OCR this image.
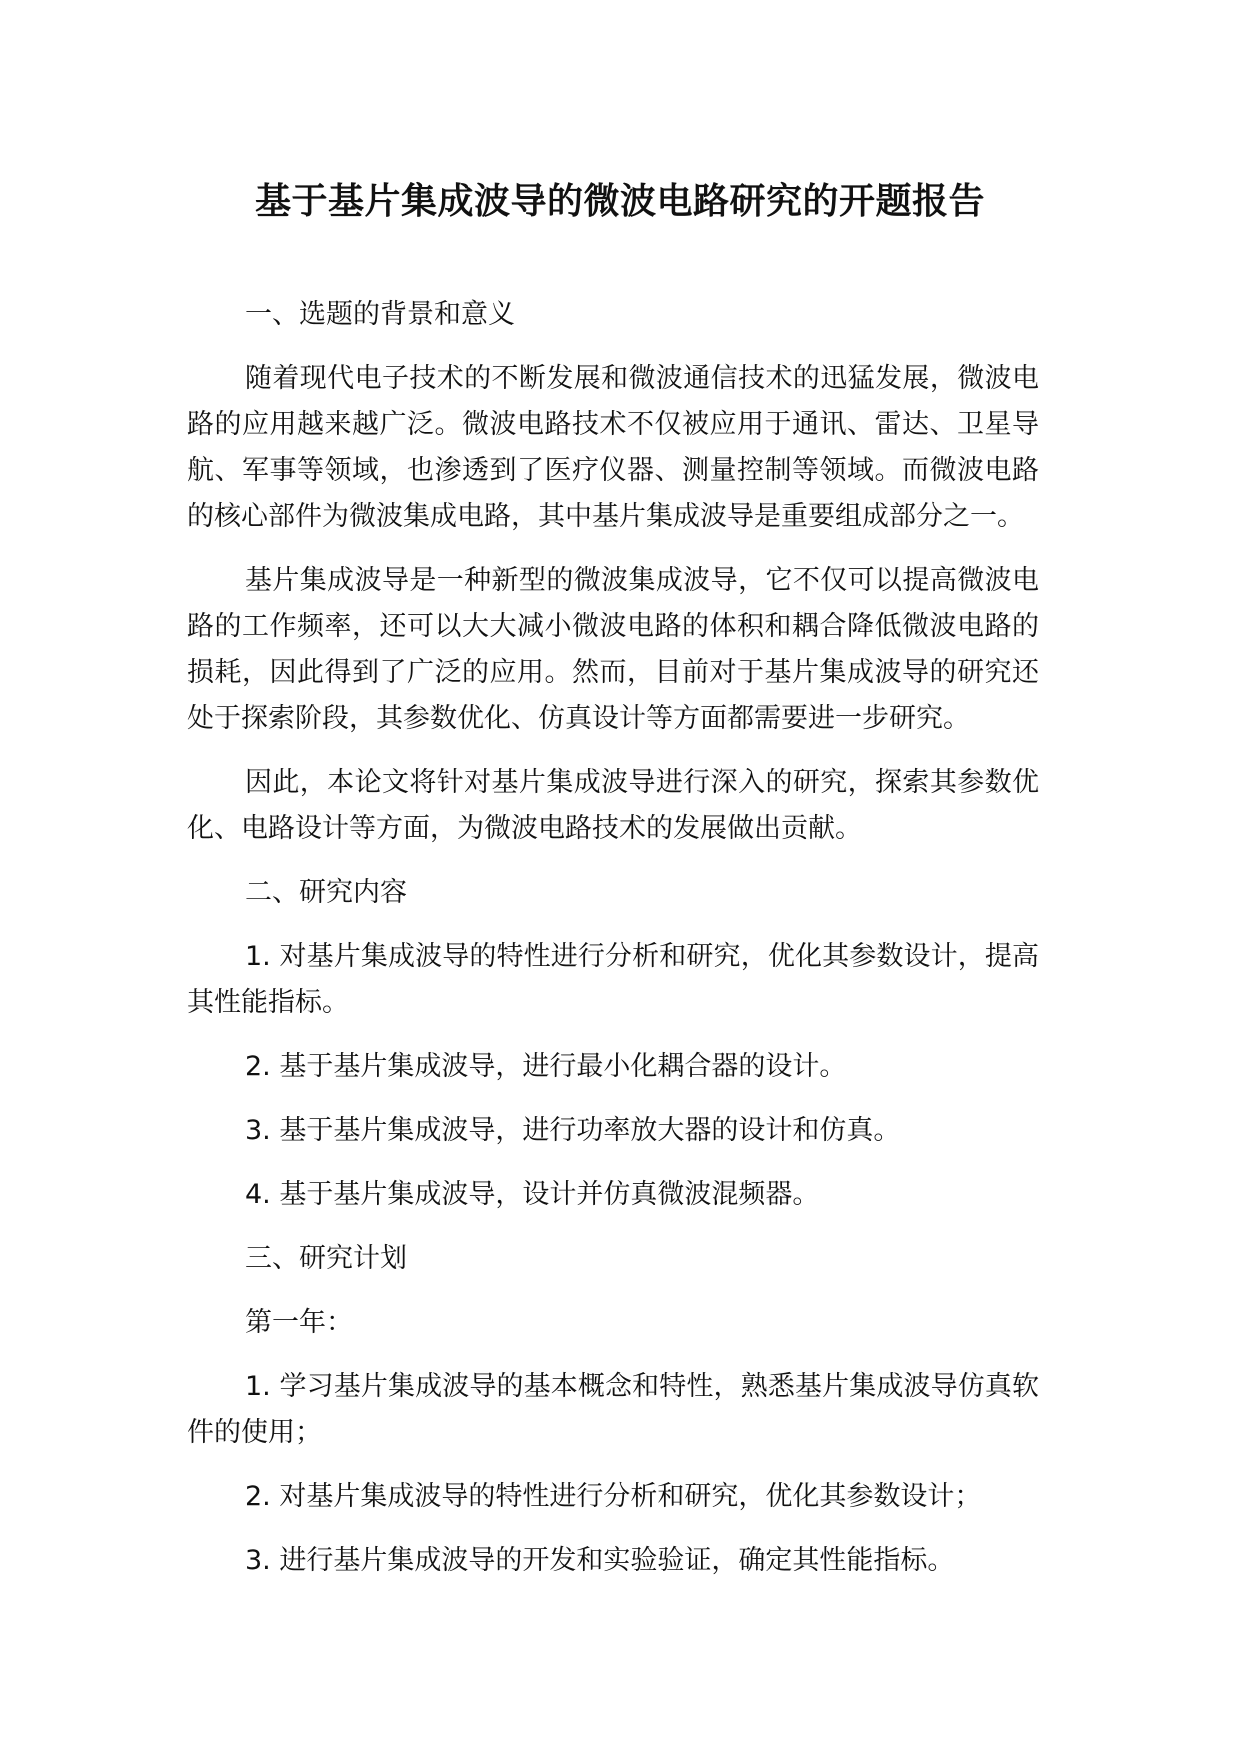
基于基片集成波导的微波电路研究的开题报告

一、选题的背景和意义

随着现代电子技术的不断发展和微波通信技术的迅猛发展，微波电路的应用越来越广泛。微波电路技术不仅被应用于通讯、雷达、卫星导航、军事等领域，也渗透到了医疗仪器、测量控制等领域。而微波电路的核心部件为微波集成电路，其中基片集成波导是重要组成部分之一。

基片集成波导是一种新型的微波集成波导，它不仅可以提高微波电路的工作频率，还可以大大减小微波电路的体积和耦合降低微波电路的损耗，因此得到了广泛的应用。然而，目前对于基片集成波导的研究还处于探索阶段，其参数优化、仿真设计等方面都需要进一步研究。

因此，本论文将针对基片集成波导进行深入的研究，探索其参数优化、电路设计等方面，为微波电路技术的发展做出贡献。

二、研究内容

1. 对基片集成波导的特性进行分析和研究，优化其参数设计，提高其性能指标。

2. 基于基片集成波导，进行最小化耦合器的设计。

3. 基于基片集成波导，进行功率放大器的设计和仿真。

4. 基于基片集成波导，设计并仿真微波混频器。

三、研究计划

第一年：

1. 学习基片集成波导的基本概念和特性，熟悉基片集成波导仿真软件的使用；

2. 对基片集成波导的特性进行分析和研究，优化其参数设计；

3. 进行基片集成波导的开发和实验验证，确定其性能指标。
